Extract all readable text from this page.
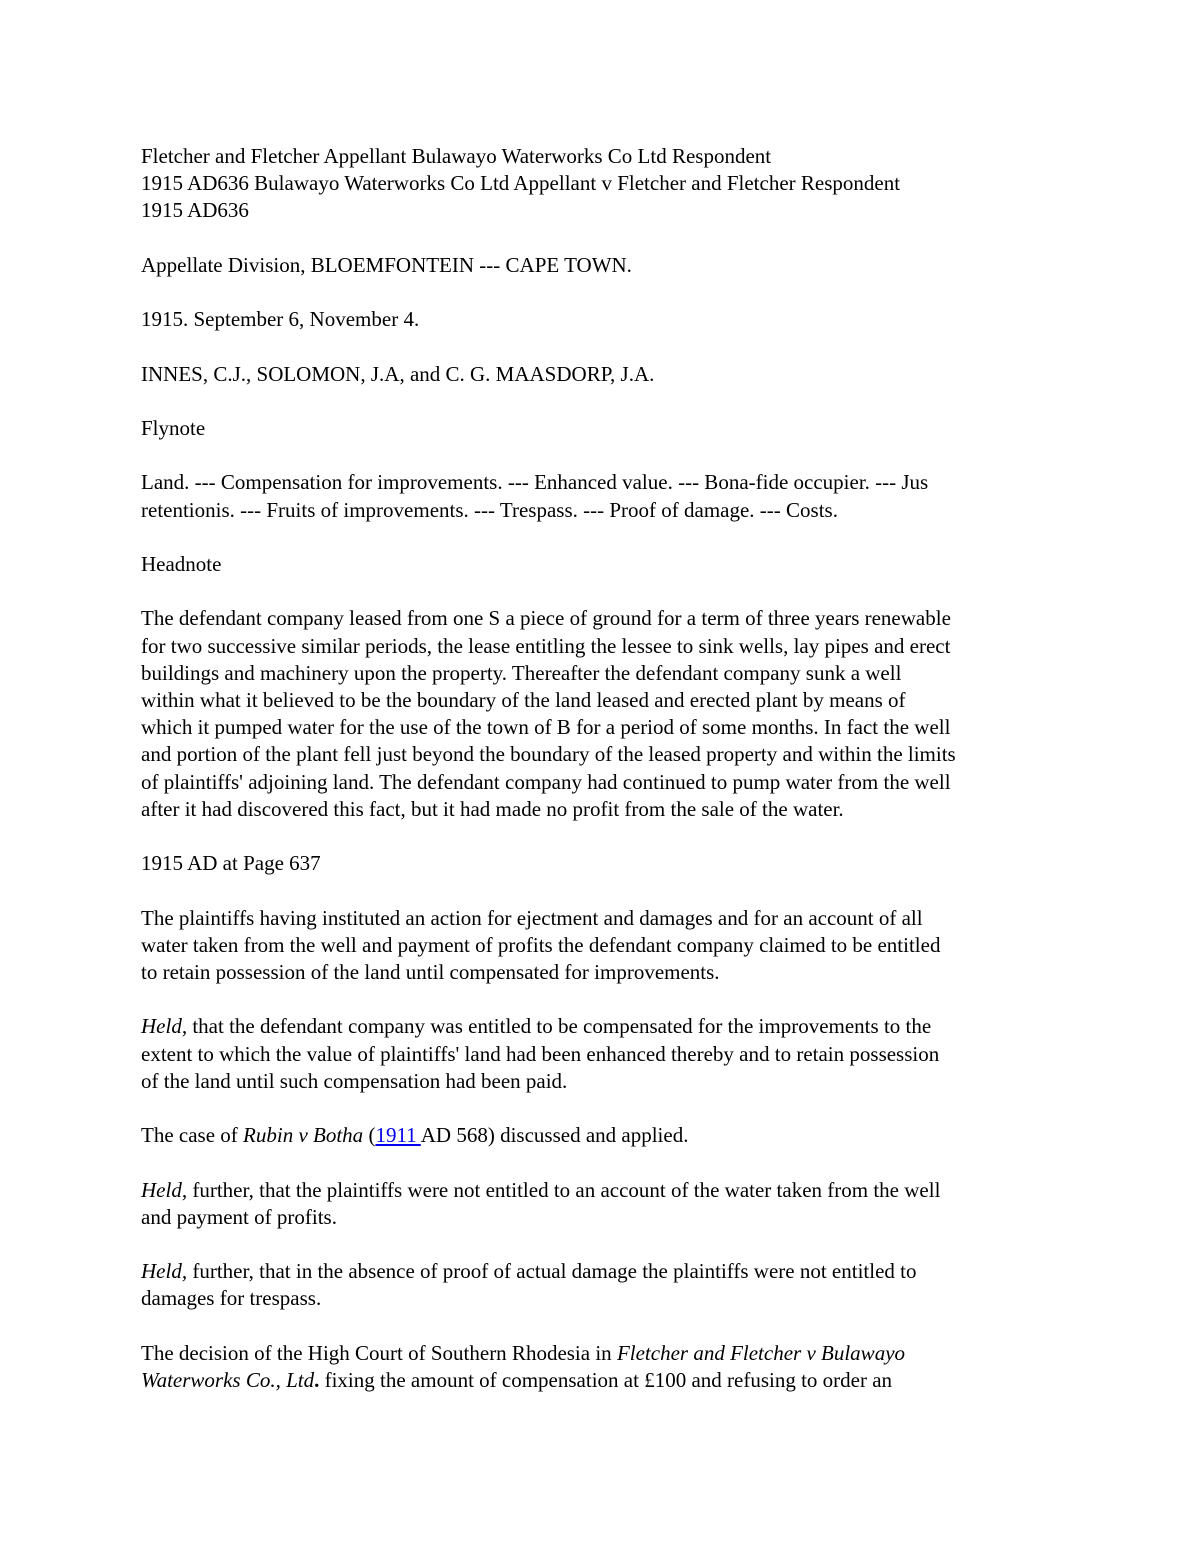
Fletcher and Fletcher Appellant Bulawayo Waterworks Co Ltd Respondent
1915 AD636 Bulawayo Waterworks Co Ltd Appellant v Fletcher and Fletcher Respondent
1915 AD636
Appellate Division, BLOEMFONTEIN --- CAPE TOWN.
1915. September 6, November 4.
INNES, C.J., SOLOMON, J.A, and C. G. MAASDORP, J.A.
Flynote
Land. --- Compensation for improvements. --- Enhanced value. --- Bona-fide occupier. --- Jus
retentionis. --- Fruits of improvements. --- Trespass. --- Proof of damage. --- Costs.
Headnote
The defendant company leased from one S a piece of ground for a term of three years renewable
for two successive similar periods, the lease entitling the lessee to sink wells, lay pipes and erect
buildings and machinery upon the property. Thereafter the defendant company sunk a well
within what it believed to be the boundary of the land leased and erected plant by means of
which it pumped water for the use of the town of B for a period of some months. In fact the well
and portion of the plant fell just beyond the boundary of the leased property and within the limits
of plaintiffs' adjoining land. The defendant company had continued to pump water from the well
after it had discovered this fact, but it had made no profit from the sale of the water.
1915 AD at Page 637
The plaintiffs having instituted an action for ejectment and damages and for an account of all
water taken from the well and payment of profits the defendant company claimed to be entitled
to retain possession of the land until compensated for improvements.
Held, that the defendant company was entitled to be compensated for the improvements to the
extent to which the value of plaintiffs' land had been enhanced thereby and to retain possession
of the land until such compensation had been paid.
The case of Rubin v Botha (1911 AD 568) discussed and applied.
Held, further, that the plaintiffs were not entitled to an account of the water taken from the well
and payment of profits.
Held, further, that in the absence of proof of actual damage the plaintiffs were not entitled to
damages for trespass.
The decision of the High Court of Southern Rhodesia in Fletcher and Fletcher v Bulawayo
Waterworks Co., Ltd. fixing the amount of compensation at £100 and refusing to order an
